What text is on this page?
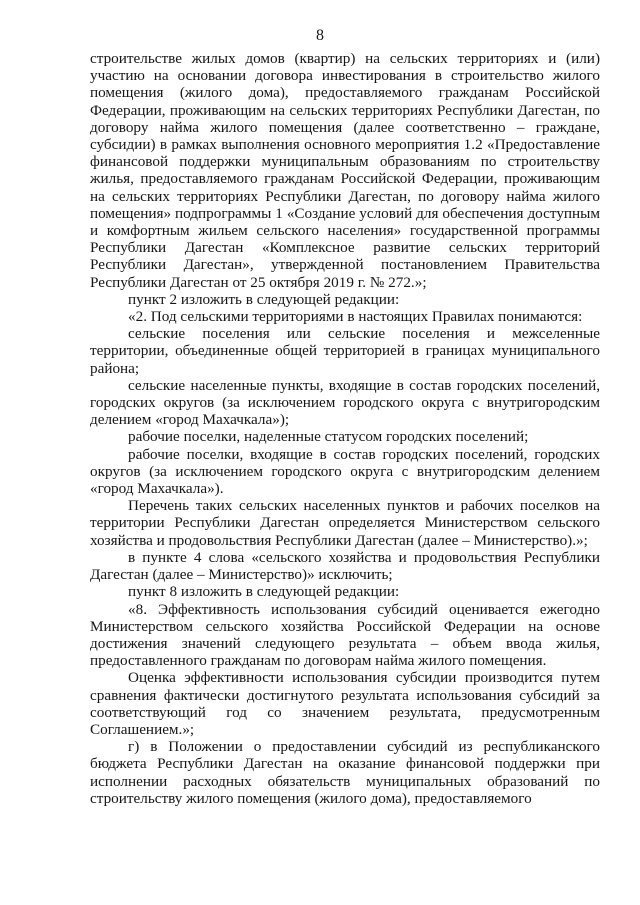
8

строительстве жилых домов (квартир) на сельских территориях и (или) участию на основании договора инвестирования в строительство жилого помещения (жилого дома), предоставляемого гражданам Российской Федерации, проживающим на сельских территориях Республики Дагестан, по договору найма жилого помещения (далее соответственно – граждане, субсидии) в рамках выполнения основного мероприятия 1.2 «Предоставление финансовой поддержки муниципальным образованиям по строительству жилья, предоставляемого гражданам Российской Федерации, проживающим на сельских территориях Республики Дагестан, по договору найма жилого помещения» подпрограммы 1 «Создание условий для обеспечения доступным и комфортным жильем сельского населения» государственной программы Республики Дагестан «Комплексное развитие сельских территорий Республики Дагестан», утвержденной постановлением Правительства Республики Дагестан от 25 октября 2019 г. № 272.»;

пункт 2 изложить в следующей редакции:

«2. Под сельскими территориями в настоящих Правилах понимаются:

сельские поселения или сельские поселения и межселенные территории, объединенные общей территорией в границах муниципального района;

сельские населенные пункты, входящие в состав городских поселений, городских округов (за исключением городского округа с внутригородским делением «город Махачкала»);

рабочие поселки, наделенные статусом городских поселений;

рабочие поселки, входящие в состав городских поселений, городских округов (за исключением городского округа с внутригородским делением «город Махачкала»).

Перечень таких сельских населенных пунктов и рабочих поселков на территории Республики Дагестан определяется Министерством сельского хозяйства и продовольствия Республики Дагестан (далее – Министерство).»;

в пункте 4 слова «сельского хозяйства и продовольствия Республики Дагестан (далее – Министерство)» исключить;

пункт 8 изложить в следующей редакции:

«8. Эффективность использования субсидий оценивается ежегодно Министерством сельского хозяйства Российской Федерации на основе достижения значений следующего результата – объем ввода жилья, предоставленного гражданам по договорам найма жилого помещения.

Оценка эффективности использования субсидии производится путем сравнения фактически достигнутого результата использования субсидий за соответствующий год со значением результата, предусмотренным Соглашением.»;

г) в Положении о предоставлении субсидий из республиканского бюджета Республики Дагестан на оказание финансовой поддержки при исполнении расходных обязательств муниципальных образований по строительству жилого помещения (жилого дома), предоставляемого
